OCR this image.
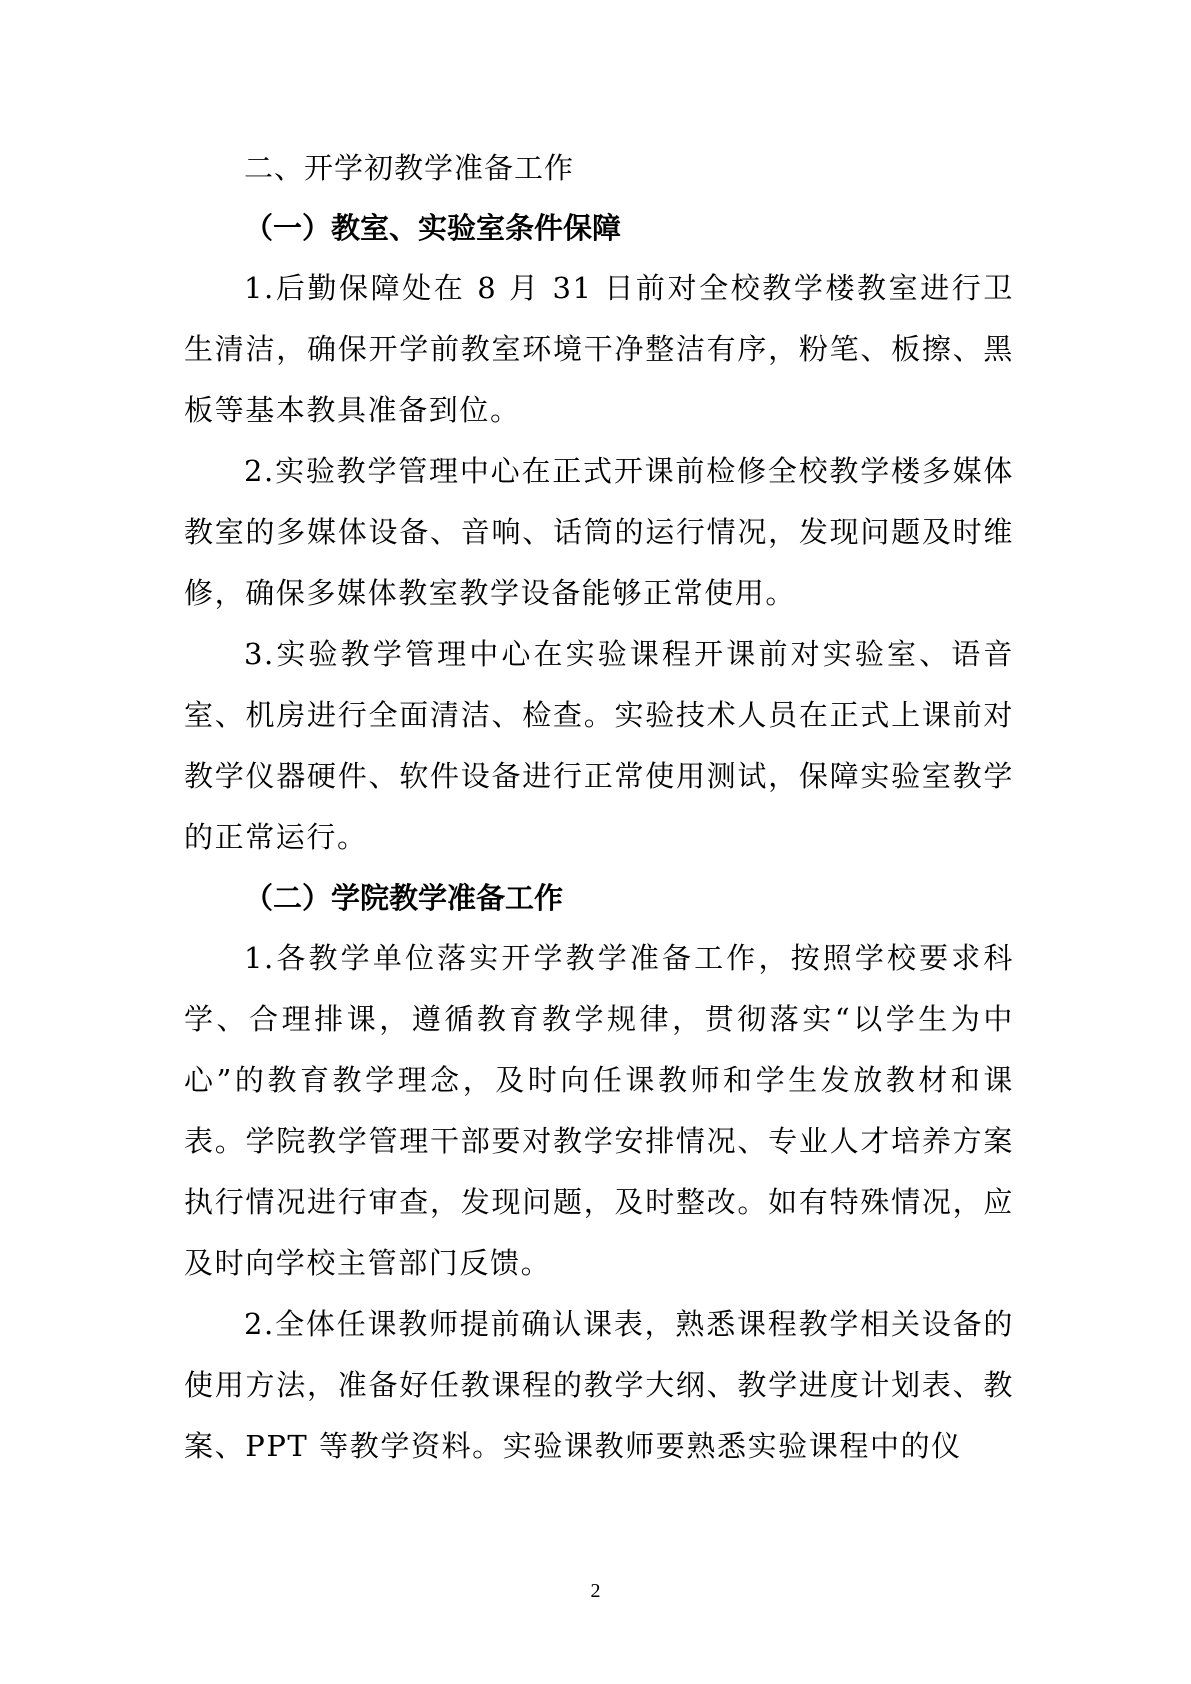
二、开学初教学准备工作

（一）教室、实验室条件保障

1.后勤保障处在 8 月 31 日前对全校教学楼教室进行卫生清洁，确保开学前教室环境干净整洁有序，粉笔、板擦、黑板等基本教具准备到位。

2.实验教学管理中心在正式开课前检修全校教学楼多媒体教室的多媒体设备、音响、话筒的运行情况，发现问题及时维修，确保多媒体教室教学设备能够正常使用。

3.实验教学管理中心在实验课程开课前对实验室、语音室、机房进行全面清洁、检查。实验技术人员在正式上课前对教学仪器硬件、软件设备进行正常使用测试，保障实验室教学的正常运行。

（二）学院教学准备工作

1.各教学单位落实开学教学准备工作，按照学校要求科学、合理排课，遵循教育教学规律，贯彻落实“以学生为中心”的教育教学理念，及时向任课教师和学生发放教材和课表。学院教学管理干部要对教学安排情况、专业人才培养方案执行情况进行审查，发现问题，及时整改。如有特殊情况，应及时向学校主管部门反馈。

2.全体任课教师提前确认课表，熟悉课程教学相关设备的使用方法，准备好任教课程的教学大纲、教学进度计划表、教案、PPT 等教学资料。实验课教师要熟悉实验课程中的仪

2
